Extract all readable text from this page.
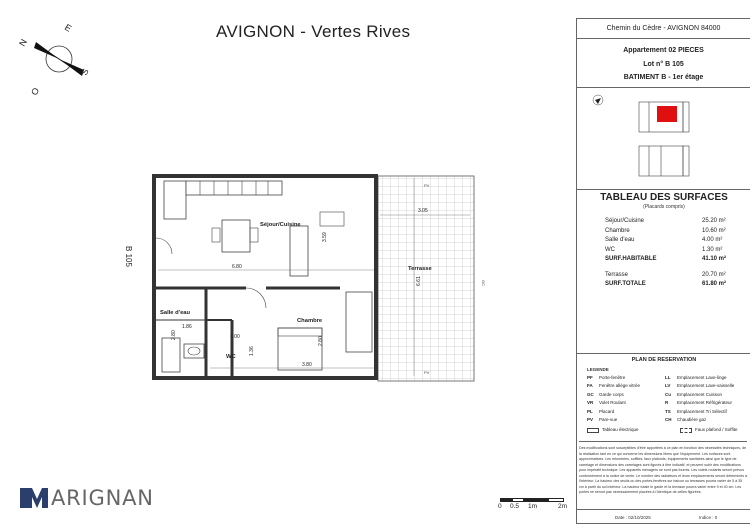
AVIGNON - Vertes Rives
N
E
S
O
Séjour/Cuisine
Terrasse
Salle d'eau
Chambre
WC
3.59
6.80
3.05
6.61
1.86
2.80	1.00
1.36
3.80
2.80
PV
PV
GC
B 105
ARIGNAN	0 0.5 1m	2m
Chemin du Cèdre - AVIGNON 84000
Appartement 02 PIECES
Lot n° B 105
BATIMENT B - 1er étage
TABLEAU DES SURFACES
(Placards compris)
Séjour/Cuisine	25.20 m²
Chambre	10.60 m²
Salle d'eau	4.00 m²
WC	1.30 m²
SURF.HABITABLE	41.10 m²
Terrasse	20.70 m²
SURF.TOTALE	61.80 m²
PLAN DE RESERVATION
LEGENDE
PF	Porte-fenêtre	LL	Emplacement Lave-linge
FA	Fenêtre allège vitrée	LV	Emplacement Lave-vaisselle
GC	Garde corps	Cu	Emplacement Cuisson
VR	Volet Roulant	R	Emplacement Réfrigérateur
PL	Placard	TS	Emplacement Tri Sélectif
PV	Pare-vue	CH	Chaudière gaz
Tableau électrique	Faux plafond / Soffite
Des modifications sont susceptibles d'être apportées à ce plan en fonction des nécessités techniques, de la réalisation tant en ce qui concerne les dimensions libres que l'équipement. Les surfaces sont approximatives. Les retombées, soffites, faux plafonds, équipements sanitaires ainsi que le type de carrelage et dimensions des carrelages sont figurés à titre indicatif, et peuvent subir des modifications pour impératif technique. Les appareils ménagers ne sont pas fournis. Les volets roulants seront prévus conformément à la notice de vente. Le nombre des radiateurs et leurs emplacements seront déterminés à l'intérieur. La hauteur des seuils ou des portes-fenêtres sur balcon ou terrasses pourra varier de 5 à 35 cm à partir du sol intérieur. La hauteur totale le garde et la terrasse pourra varier entre 9 et 40 cm. Les portes ne seront pas nécessairement placées à l'identique de celles figurées.
Date : 02/10/2025	Indice : 0
